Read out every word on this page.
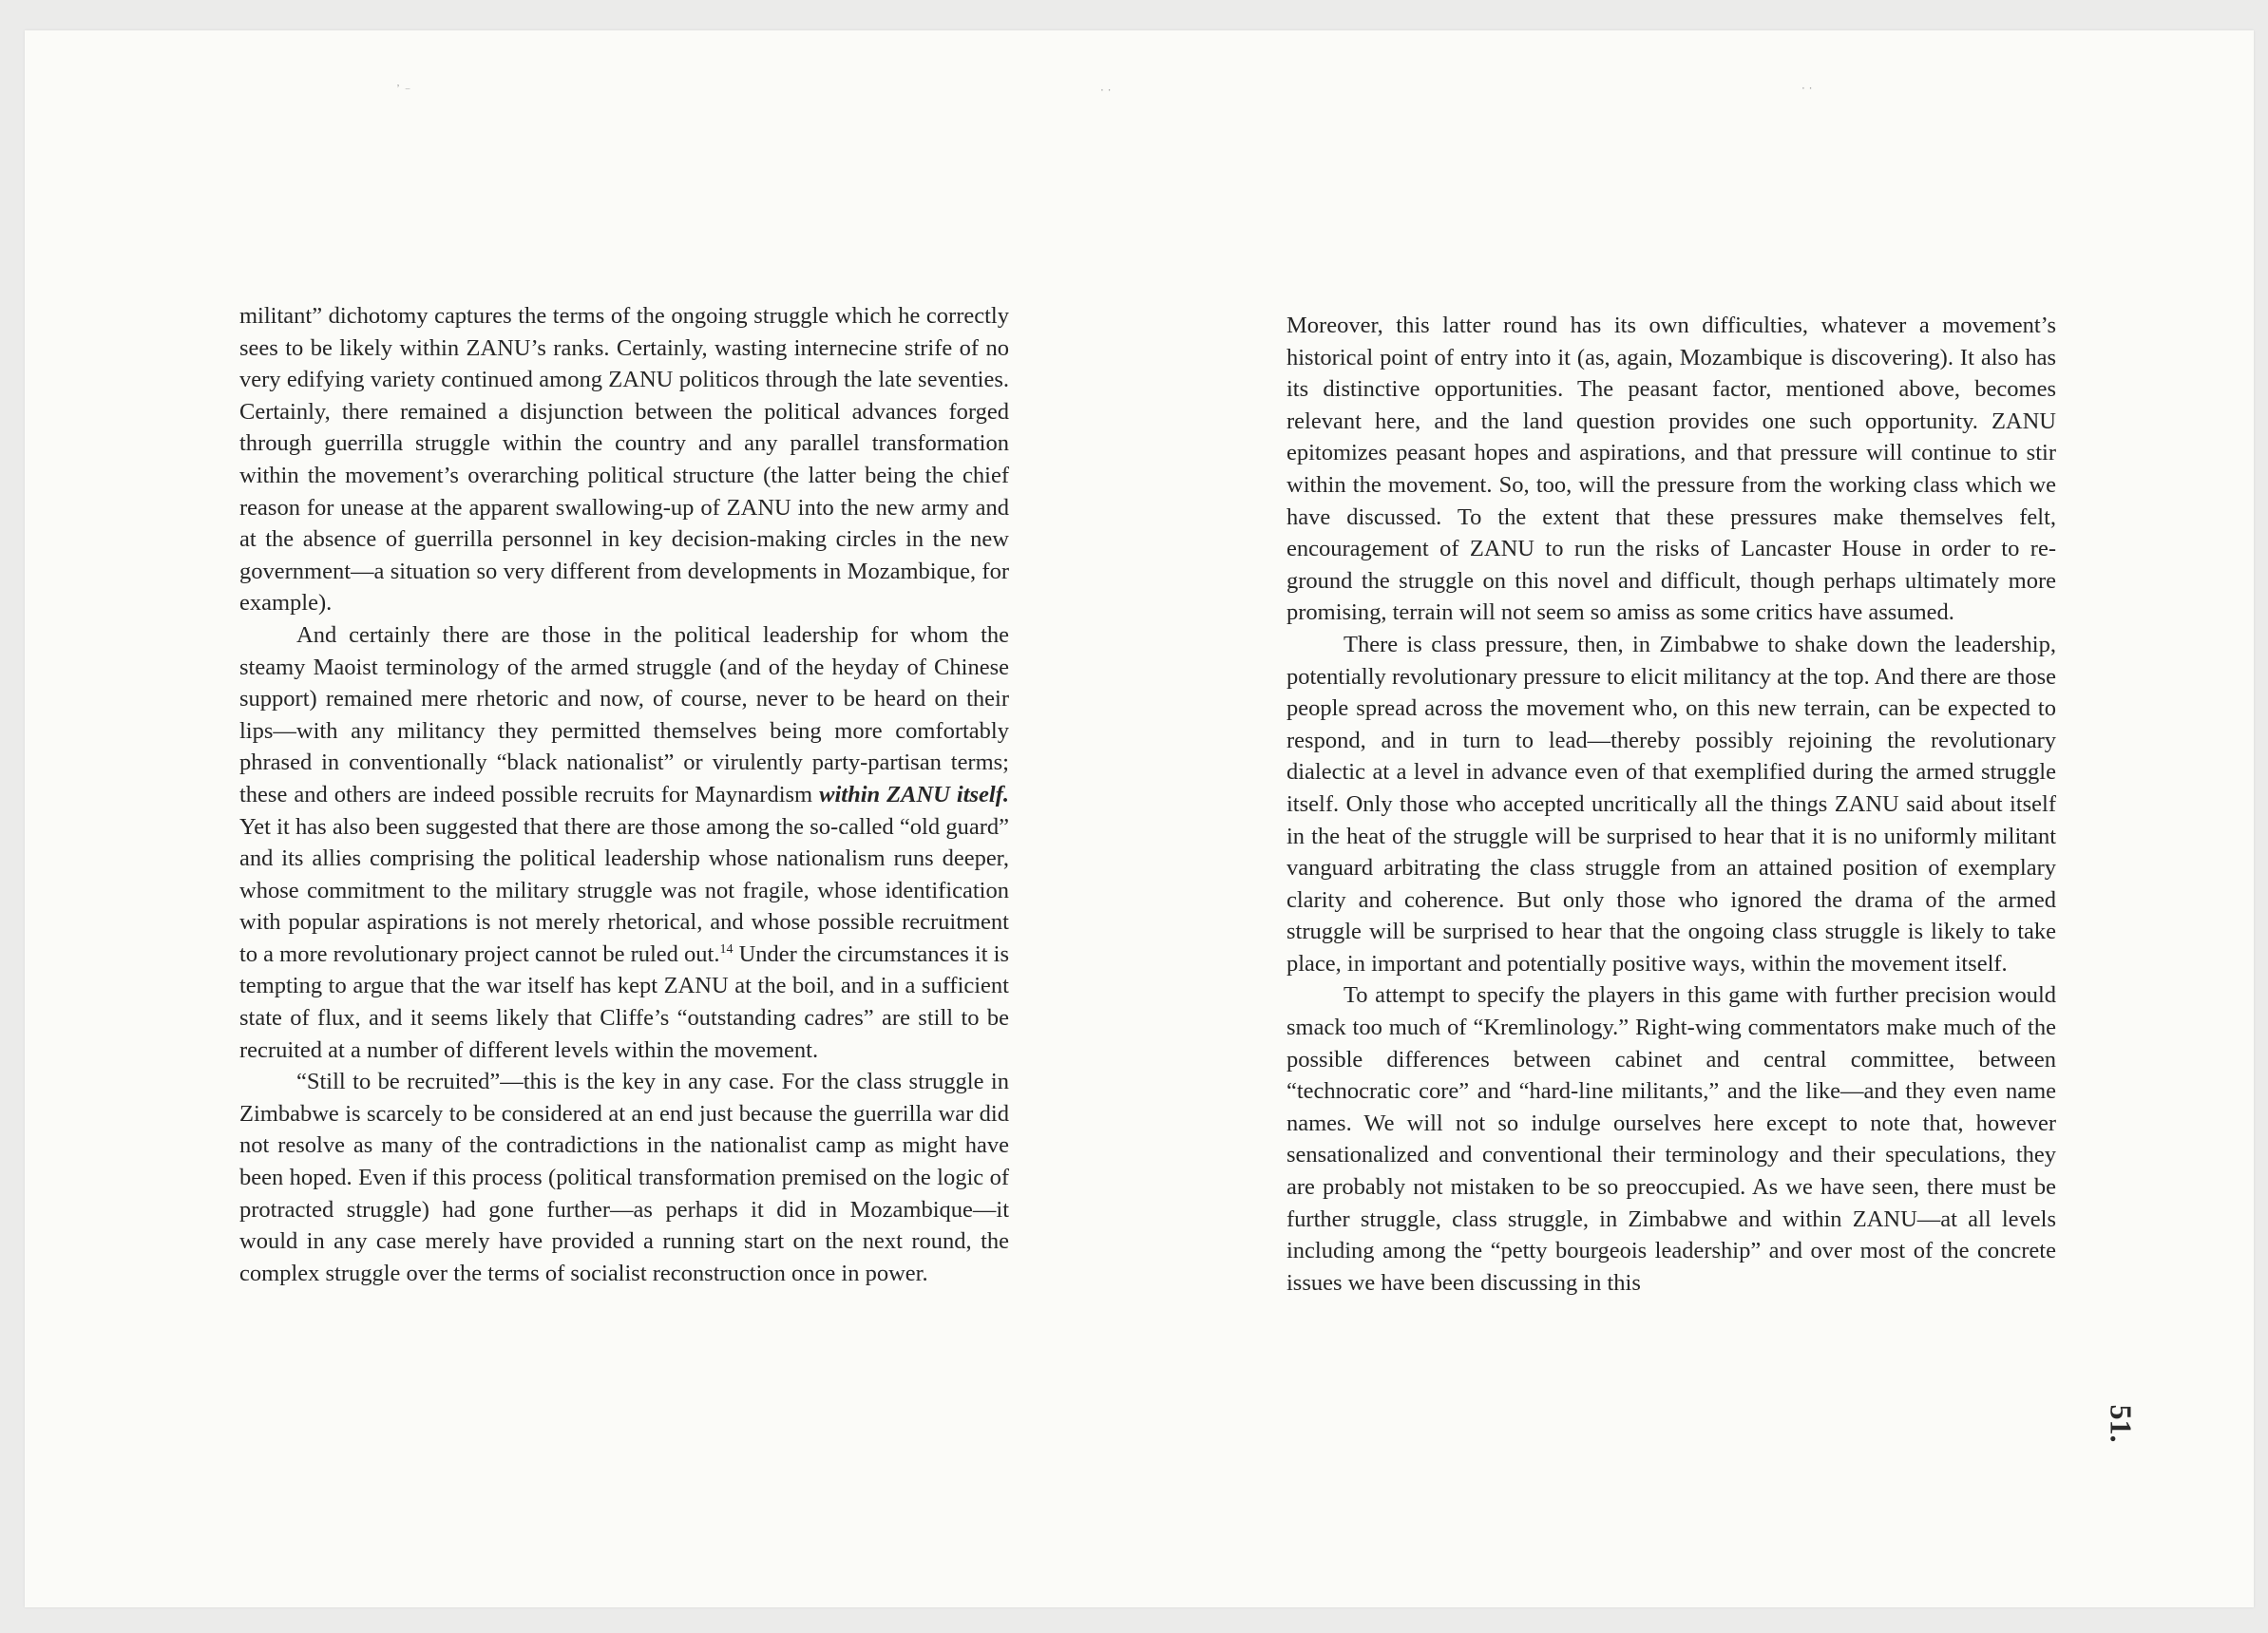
᾿ ⁻	· ·	· ·

militant” dichotomy captures the terms of the ongoing struggle which he correctly sees to be likely within ZANU’s ranks. Certainly, wasting internecine strife of no very edifying variety continued among ZANU politicos through the late seventies. Certainly, there remained a disjunction between the political advances forged through guerrilla struggle within the country and any parallel transformation within the movement’s overarching political structure (the latter being the chief reason for unease at the apparent swallowing-up of ZANU into the new army and at the absence of guerrilla personnel in key decision-making circles in the new government—a situation so very different from developments in Mozambique, for example).

And certainly there are those in the political leadership for whom the steamy Maoist terminology of the armed struggle (and of the heyday of Chinese support) remained mere rhetoric and now, of course, never to be heard on their lips—with any militancy they permitted themselves being more comfortably phrased in conventionally “black nationalist” or virulently party-partisan terms; these and others are indeed possible recruits for Maynardism within ZANU itself. Yet it has also been suggested that there are those among the so-called “old guard” and its allies comprising the political leadership whose nationalism runs deeper, whose commitment to the military struggle was not fragile, whose identification with popular aspirations is not merely rhetorical, and whose possible recruitment to a more revolutionary project cannot be ruled out.$^{14}$ Under the circumstances it is tempting to argue that the war itself has kept ZANU at the boil, and in a sufficient state of flux, and it seems likely that Cliffe’s “outstanding cadres” are still to be recruited at a number of different levels within the movement.

“Still to be recruited”—this is the key in any case. For the class struggle in Zimbabwe is scarcely to be considered at an end just because the guerrilla war did not resolve as many of the contradictions in the nationalist camp as might have been hoped. Even if this process (political transformation premised on the logic of protracted struggle) had gone further—as perhaps it did in Mozambique—it would in any case merely have provided a running start on the next round, the complex struggle over the terms of socialist reconstruction once in power.

Moreover, this latter round has its own difficulties, whatever a movement’s historical point of entry into it (as, again, Mozambique is discovering). It also has its distinctive opportunities. The peasant factor, mentioned above, becomes relevant here, and the land question provides one such opportunity. ZANU epitomizes peasant hopes and aspirations, and that pressure will continue to stir within the movement. So, too, will the pressure from the working class which we have discussed. To the extent that these pressures make themselves felt, encouragement of ZANU to run the risks of Lancaster House in order to re-ground the struggle on this novel and difficult, though perhaps ultimately more promising, terrain will not seem so amiss as some critics have assumed.

There is class pressure, then, in Zimbabwe to shake down the leadership, potentially revolutionary pressure to elicit militancy at the top. And there are those people spread across the movement who, on this new terrain, can be expected to respond, and in turn to lead—thereby possibly rejoining the revolutionary dialectic at a level in advance even of that exemplified during the armed struggle itself. Only those who accepted uncritically all the things ZANU said about itself in the heat of the struggle will be surprised to hear that it is no uniformly militant vanguard arbitrating the class struggle from an attained position of exemplary clarity and coherence. But only those who ignored the drama of the armed struggle will be surprised to hear that the ongoing class struggle is likely to take place, in important and potentially positive ways, within the movement itself.

To attempt to specify the players in this game with further precision would smack too much of “Kremlinology.” Right-wing commentators make much of the possible differences between cabinet and central committee, between “technocratic core” and “hard-line militants,” and the like—and they even name names. We will not so indulge ourselves here except to note that, however sensationalized and conventional their terminology and their speculations, they are probably not mistaken to be so preoccupied. As we have seen, there must be further struggle, class struggle, in Zimbabwe and within ZANU—at all levels including among the “petty bourgeois leadership” and over most of the concrete issues we have been discussing in this

51.
